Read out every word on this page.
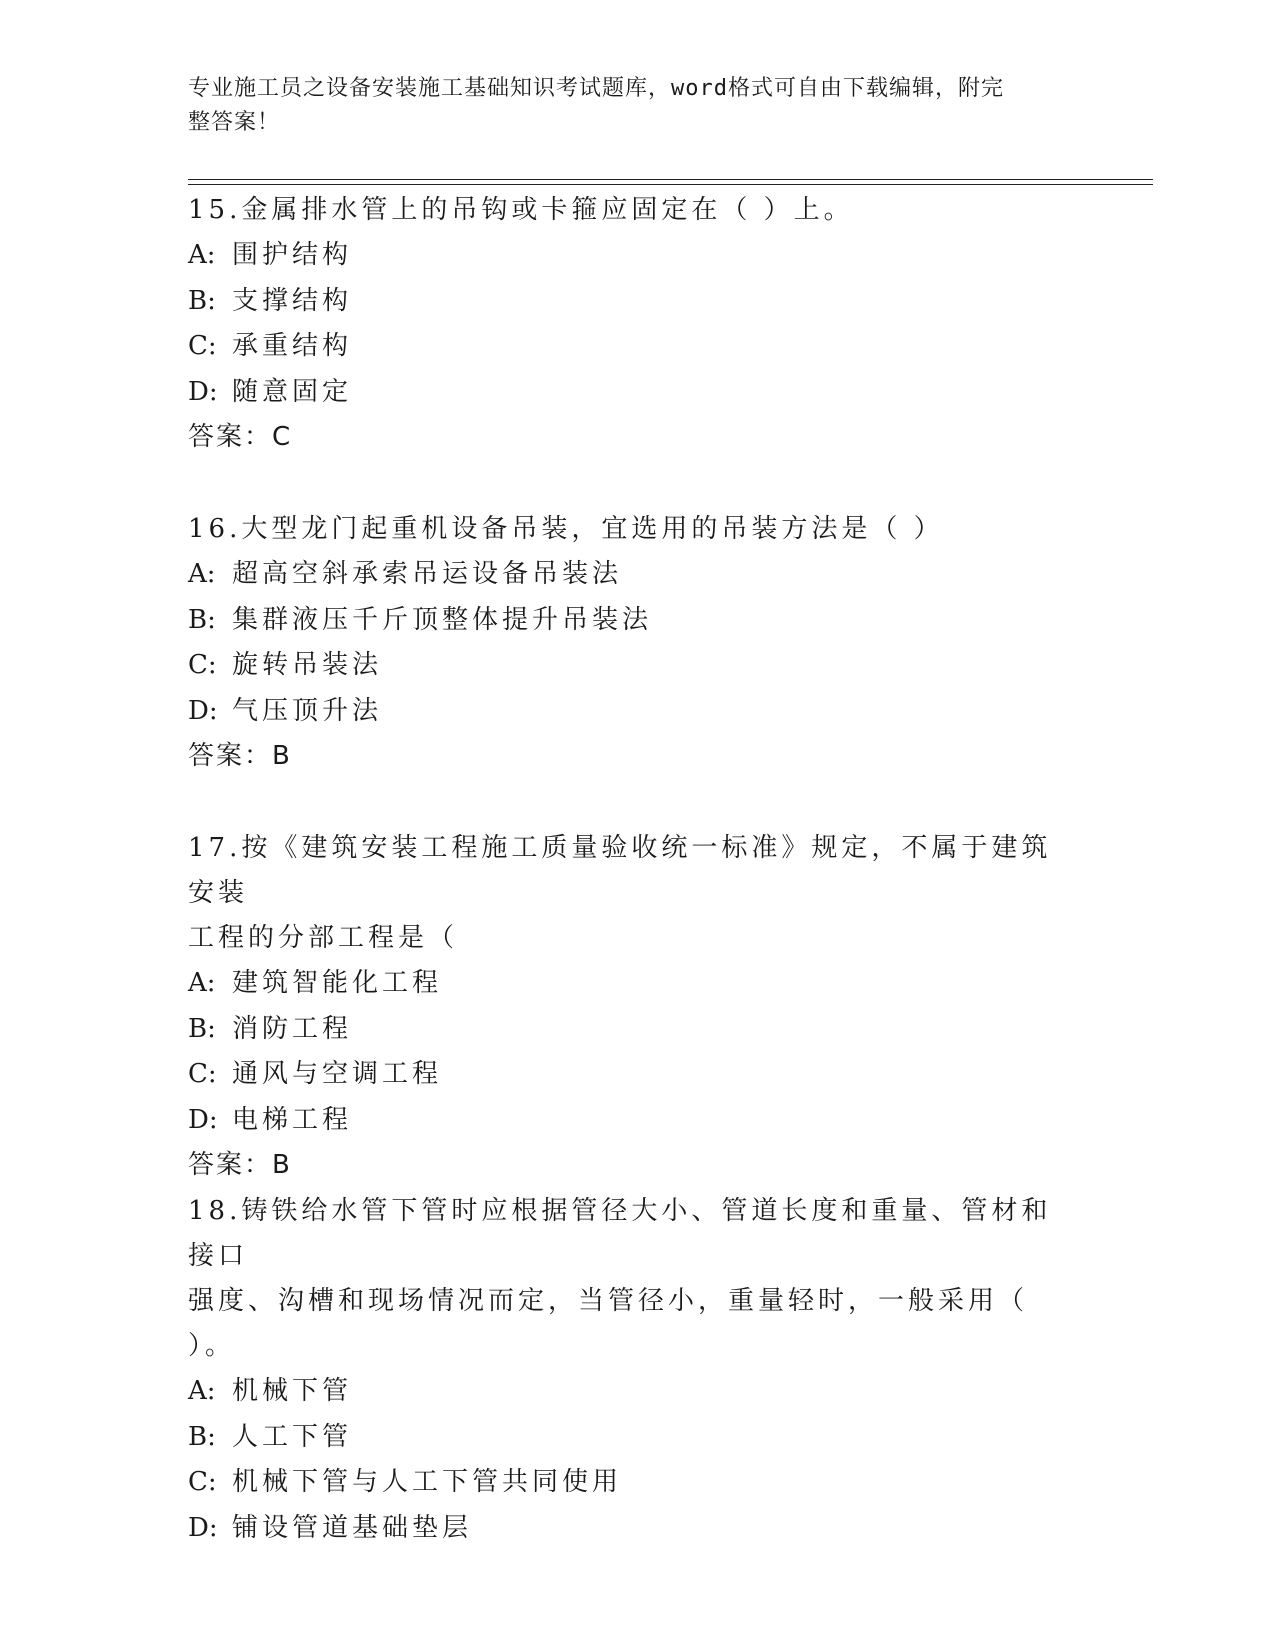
专业施工员之设备安装施工基础知识考试题库，word格式可自由下载编辑，附完
整答案！
15.金属排水管上的吊钩或卡箍应固定在（ ）上。
A: 围护结构
B: 支撑结构
C: 承重结构
D: 随意固定
答案：C
16.大型龙门起重机设备吊装，宜选用的吊装方法是（ ）
A: 超高空斜承索吊运设备吊装法
B: 集群液压千斤顶整体提升吊装法
C: 旋转吊装法
D: 气压顶升法
答案：B
17.按《建筑安装工程施工质量验收统一标准》规定，不属于建筑安装
工程的分部工程是（
A: 建筑智能化工程
B: 消防工程
C: 通风与空调工程
D: 电梯工程
答案：B
18.铸铁给水管下管时应根据管径大小、管道长度和重量、管材和接口
强度、沟槽和现场情况而定，当管径小，重量轻时，一般采用（ ）。
A: 机械下管
B: 人工下管
C: 机械下管与人工下管共同使用
D: 铺设管道基础垫层
